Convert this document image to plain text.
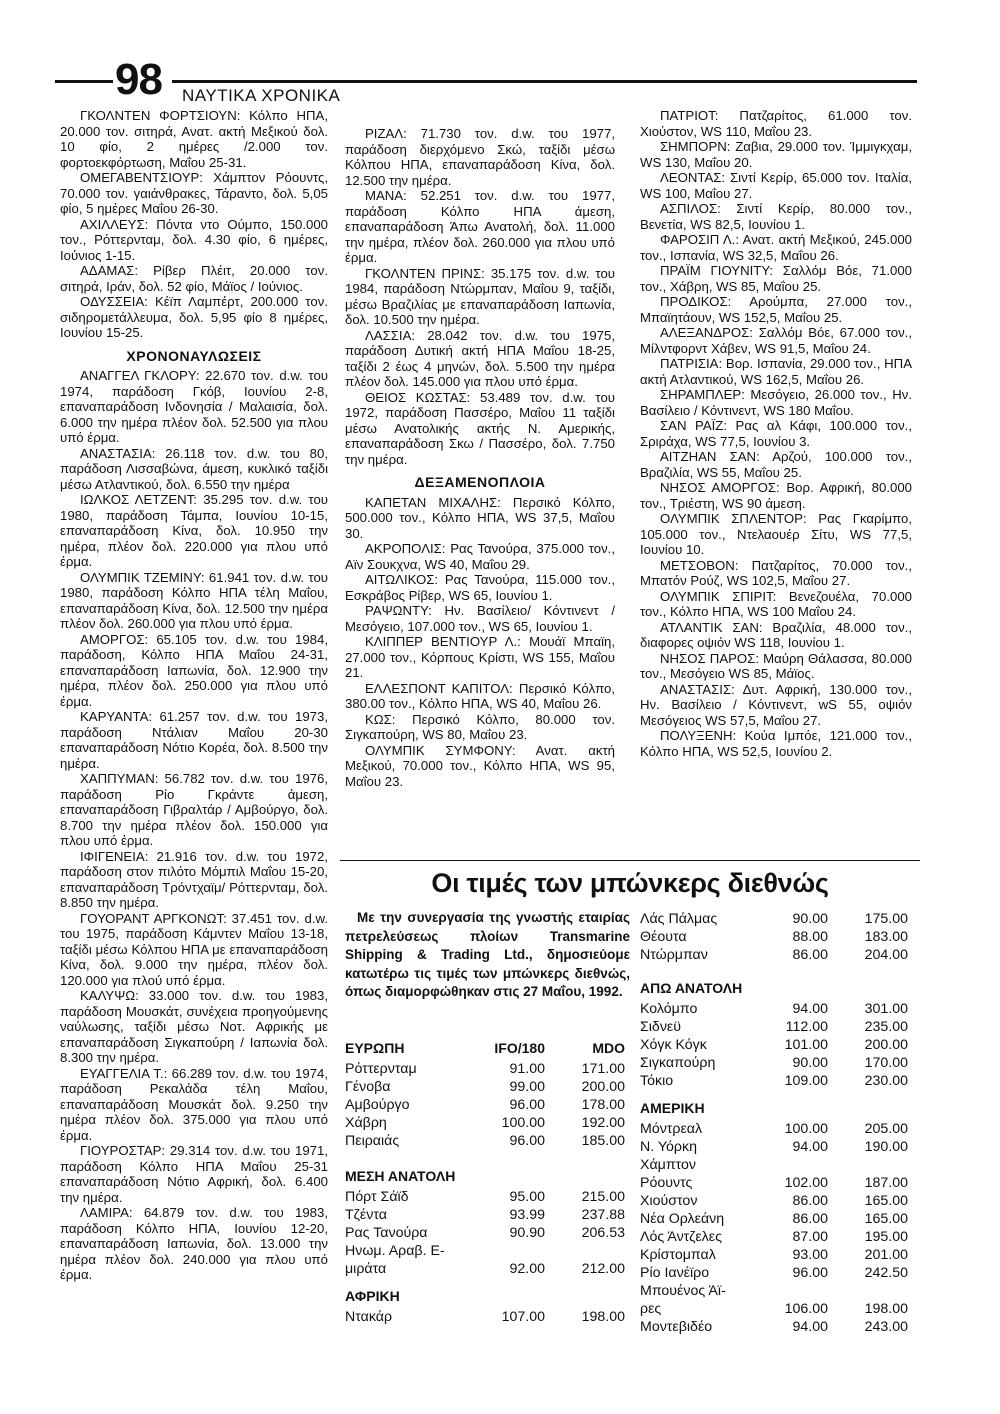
98 ΝΑΥΤΙΚΑ ΧΡΟΝΙΚΑ

ΓΚΟΛΝΤΕΝ ΦΟΡΤΣΙΟΥΝ: Κόλπο ΗΠΑ, 20.000 τον. σιτηρά, Ανατ. ακτή Μεξικού δολ. 10 φίο, 2 ημέρες /2.000 τον. φορτοεκφόρτωση, Μαΐου 25-31.

ΟΜΕΓΑΒΕΝΤΣΙΟΥΡ: Χάμπτον Ρόουντς, 70.000 τον. γαιάνθρακες, Τάραντο, δολ. 5,05 φίο, 5 ημέρες Μαΐου 26-30.

ΑΧΙΛΛΕΥΣ: Πόντα ντο Ούμπο, 150.000 τον., Ρόττερνταμ, δολ. 4.30 φίο, 6 ημέρες, Ιούνιος 1-15.

ΑΔΑΜΑΣ: Ρίβερ Πλέιτ, 20.000 τον. σιτηρά, Ιράν, δολ. 52 φίο, Μάϊος / Ιούνιος.

ΟΔΥΣΣΕΙΑ: Κέϊπ Λαμπέρτ, 200.000 τον. σιδηρομετάλλευμα, δολ. 5,95 φίο 8 ημέρες, Ιουνίου 15-25.

ΧΡΟΝΟΝΑΥΛΩΣΕΙΣ

ΑΝΑΓΓΕΛ ΓΚΛΟΡΥ: 22.670 τον. d.w. του 1974, παράδοση Γκόβ, Ιουνίου 2-8, επαναπαράδοση Ινδονησία / Μαλαισία, δολ. 6.000 την ημέρα πλέον δολ. 52.500 για πλου υπό έρμα.

ΑΝΑΣΤΑΣΙΑ: 26.118 τον. d.w. του 80, παράδοση Λισσαβώνα, άμεση, κυκλικό ταξίδι μέσω Ατλαντικού, δολ. 6.550 την ημέρα

ΙΩΛΚΟΣ ΛΕΤΖΕΝΤ: 35.295 τον. d.w. του 1980, παράδοση Τάμπα, Ιουνίου 10-15, επαναπαράδοση Κίνα, δολ. 10.950 την ημέρα, πλέον δολ. 220.000 για πλου υπό έρμα.

ΟΛΥΜΠΙΚ ΤΖΕΜΙΝΥ: 61.941 τον. d.w. του 1980, παράδοση Κόλπο ΗΠΑ τέλη Μαΐου, επαναπαράδοση Κίνα, δολ. 12.500 την ημέρα πλέον δολ. 260.000 για πλου υπό έρμα.

ΑΜΟΡΓΟΣ: 65.105 τον. d.w. του 1984, παράδοση, Κόλπο ΗΠΑ Μαΐου 24-31, επαναπαράδοση Ιαπωνία, δολ. 12.900 την ημέρα, πλέον δολ. 250.000 για πλου υπό έρμα.

ΚΑΡΥΑΝΤΑ: 61.257 τον. d.w. του 1973, παράδοση Ντάλιαν Μαΐου 20-30 επαναπαράδοση Νότιο Κορέα, δολ. 8.500 την ημέρα.

ΧΑΠΠΥΜΑΝ: 56.782 τον. d.w. του 1976, παράδοση Ρίο Γκράντε άμεση, επαναπαράδοση Γιβραλτάρ / Αμβούργο, δολ. 8.700 την ημέρα πλέον δολ. 150.000 για πλου υπό έρμα.

ΙΦΙΓΕΝΕΙΑ: 21.916 τον. d.w. του 1972, παράδοση στον πιλότο Μόμπιλ Μαΐου 15-20, επαναπαράδοση Τρόντχαϊμ/ Ρόττερνταμ, δολ. 8.850 την ημέρα.

ΓΟΥΟΡΑΝΤ ΑΡΓΚΟΝΩΤ: 37.451 τον. d.w. του 1975, παράδοση Κάμντεν Μαΐου 13-18, ταξίδι μέσω Κόλπου ΗΠΑ με επαναπαράδοση Κίνα, δολ. 9.000 την ημέρα, πλέον δολ. 120.000 για πλού υπό έρμα.

ΚΑΛΥΨΩ: 33.000 τον. d.w. του 1983, παράδοση Μουσκάτ, συνέχεια προηγούμενης ναύλωσης, ταξίδι μέσω Νοτ. Αφρικής με επαναπαράδοση Σιγκαπούρη / Ιαπωνία δολ. 8.300 την ημέρα.

ΕΥΑΓΓΕΛΙΑ Τ.: 66.289 τον. d.w. του 1974, παράδοση Ρεκαλάδα τέλη Μαΐου, επαναπαράδοση Μουσκάτ δολ. 9.250 την ημέρα πλέον δολ. 375.000 για πλου υπό έρμα.

ΓΙΟΥΡΟΣΤΑΡ: 29.314 τον. d.w. του 1971, παράδοση Κόλπο ΗΠΑ Μαΐου 25-31 επαναπαράδοση Νότιο Αφρική, δολ. 6.400 την ημέρα.

ΛΑΜΙΡΑ: 64.879 τον. d.w. του 1983, παράδοση Κόλπο ΗΠΑ, Ιουνίου 12-20, επαναπαράδοση Ιαπωνία, δολ. 13.000 την ημέρα πλέον δολ. 240.000 για πλου υπό έρμα.

ΡΙΖΑΛ: 71.730 τον. d.w. του 1977, παράδοση διερχόμενο Σκώ, ταξίδι μέσω Κόλπου ΗΠΑ, επαναπαράδοση Κίνα, δολ. 12.500 την ημέρα.

ΜΑΝΑ: 52.251 τον. d.w. του 1977, παράδοση Κόλπο ΗΠΑ άμεση, επαναπαράδοση Άπω Ανατολή, δολ. 11.000 την ημέρα, πλέον δολ. 260.000 για πλου υπό έρμα.

ΓΚΟΛΝΤΕΝ ΠΡΙΝΣ: 35.175 τον. d.w. του 1984, παράδοση Ντώρμπαν, Μαΐου 9, ταξίδι, μέσω Βραζιλίας με επαναπαράδοση Ιαπωνία, δολ. 10.500 την ημέρα.

ΛΑΣΣΙΑ: 28.042 τον. d.w. του 1975, παράδοση Δυτική ακτή ΗΠΑ Μαΐου 18-25, ταξίδι 2 έως 4 μηνών, δολ. 5.500 την ημέρα πλέον δολ. 145.000 για πλου υπό έρμα.

ΘΕΙΟΣ ΚΩΣΤΑΣ: 53.489 τον. d.w. του 1972, παράδοση Πασσέρο, Μαΐου 11 ταξίδι μέσω Ανατολικής ακτής Ν. Αμερικής, επαναπαράδοση Σκω / Πασσέρο, δολ. 7.750 την ημέρα.

ΔΕΞΑΜΕΝΟΠΛΟΙΑ

ΚΑΠΕΤΑΝ ΜΙΧΑΛΗΣ: Περσικό Κόλπο, 500.000 τον., Κόλπο ΗΠΑ, WS 37,5, Μαΐου 30.

ΑΚΡΟΠΟΛΙΣ: Ρας Τανούρα, 375.000 τον., Αϊν Σουκχνα, WS 40, Μαΐου 29.

ΑΙΤΩΛΙΚΟΣ: Ρας Τανούρα, 115.000 τον., Εσκράβος Ρίβερ, WS 65, Ιουνίου 1.

ΡΑΨΩΝΤΥ: Ην. Βασίλειο/ Κόντινεντ / Μεσόγειο, 107.000 τον., WS 65, Ιουνίου 1.

ΚΛΙΠΠΕΡ ΒΕΝΤΙΟΥΡ Λ.: Μουάϊ Μπαϊη, 27.000 τον., Κόρπους Κρίστι, WS 155, Μαΐου 21.

ΕΛΛΕΣΠΟΝΤ ΚΑΠΙΤΟΛ: Περσικό Κόλπο, 380.00 τον., Κόλπο ΗΠΑ, WS 40, Μαΐου 26.

ΚΩΣ: Περσικό Κόλπο, 80.000 τον. Σιγκαπούρη, WS 80, Μαΐου 23.

ΟΛΥΜΠΙΚ ΣΥΜΦΟΝΥ: Ανατ. ακτή Μεξικού, 70.000 τον., Κόλπο ΗΠΑ, WS 95, Μαΐου 23.

ΠΑΤΡΙΟΤ: Πατζαρίτος, 61.000 τον. Χιούστον, WS 110, Μαΐου 23.

ΣΗΜΠΟΡΝ: Ζαβια, 29.000 τον. Ίμμιγκχαμ, WS 130, Μαΐου 20.

ΛΕΟΝΤΑΣ: Σιντί Κερίρ, 65.000 τον. Ιταλία, WS 100, Μαΐου 27.

ΑΣΠΙΛΟΣ: Σιντί Κερίρ, 80.000 τον., Βενετία, WS 82,5, Ιουνίου 1.

ΦΑΡΟΣΙΠ Λ.: Ανατ. ακτή Μεξικού, 245.000 τον., Ισπανία, WS 32,5, Μαΐου 26.

ΠΡΑΪΜ ΓΙΟΥΝΙΤΥ: Σαλλόμ Βόε, 71.000 τον., Χάβρη, WS 85, Μαΐου 25.

ΠΡΟΔΙΚΟΣ: Αρούμπα, 27.000 τον., Μπαϊητάουν, WS 152,5, Μαΐου 25.

ΑΛΕΞΑΝΔΡΟΣ: Σαλλόμ Βόε, 67.000 τον., Μίλντφορντ Χάβεν, WS 91,5, Μαΐου 24.

ΠΑΤΡΙΣΙΑ: Βορ. Ισπανία, 29.000 τον., ΗΠΑ ακτή Ατλαντικού, WS 162,5, Μαΐου 26.

ΣΗΡΑΜΠΛΕΡ: Μεσόγειο, 26.000 τον., Ην. Βασίλειο / Κόντινεντ, WS 180 Μαΐου.

ΣΑΝ ΡΑΪΖ: Ρας αλ Κάφι, 100.000 τον., Σριράχα, WS 77,5, Ιουνίου 3.

ΑΙΤΖΗΑΝ ΣΑΝ: Αρζού, 100.000 τον., Βραζιλία, WS 55, Μαΐου 25.

ΝΗΣΟΣ ΑΜΟΡΓΟΣ: Βορ. Αφρική, 80.000 τον., Τριέστη, WS 90 άμεση.

ΟΛΥΜΠΙΚ ΣΠΛΕΝΤΟΡ: Ρας Γκαρίμπο, 105.000 τον., Ντελαουέρ Σίτυ, WS 77,5, Ιουνίου 10.

ΜΕΤΣΟΒΟΝ: Πατζαρίτος, 70.000 τον., Μπατόν Ρούζ, WS 102,5, Μαΐου 27.

ΟΛΥΜΠΙΚ ΣΠΙΡΙΤ: Βενεζουέλα, 70.000 τον., Κόλπο ΗΠΑ, WS 100 Μαΐου 24.

ΑΤΛΑΝΤΙΚ ΣΑΝ: Βραζιλία, 48.000 τον., διαφορες οψιόν WS 118, Ιουνίου 1.

ΝΗΣΟΣ ΠΑΡΟΣ: Μαύρη Θάλασσα, 80.000 τον., Μεσόγειο WS 85, Μάϊος.

ΑΝΑΣΤΑΣΙΣ: Δυτ. Αφρική, 130.000 τον., Ην. Βασίλειο / Κόντινεντ, wS 55, οψιόν Μεσόγειος WS 57,5, Μαΐου 27.

ΠΟΛΥΞΕΝΗ: Κούα Ιμπόε, 121.000 τον., Κόλπο ΗΠΑ, WS 52,5, Ιουνίου 2.

Οι τιμές των μπώνκερς διεθνώς
Με την συνεργασία της γνωστής εταιρίας πετρελεύσεως πλοίων Transmarine Shipping & Trading Ltd., δημοσιεύομε κατωτέρω τις τιμές των μπώνκερς διεθνώς, όπως διαμορφώθηκαν στις 27 Μαΐου, 1992.
ΕΥΡΩΠΗ	IFO/180	MDO
Ρόττερνταμ	91.00	171.00
Γένοβα	99.00	200.00
Αμβούργο	96.00	178.00
Χάβρη	100.00	192.00
Πειραιάς	96.00	185.00
ΜΕΣΗ ΑΝΑΤΟΛΗ
Πόρτ Σάϊδ	95.00	215.00
Τζέντα	93.99	237.88
Ρας Τανούρα	90.90	206.53
Ηνωμ. Αραβ. Ε-
μιράτα	92.00	212.00
ΑΦΡΙΚΗ
Ντακάρ	107.00	198.00
Λάς Πάλμας	90.00	175.00
Θέουτα	88.00	183.00
Ντώρμπαν	86.00	204.00
ΑΠΩ ΑΝΑΤΟΛΗ
Κολόμπο	94.00	301.00
Σιδνεϋ	112.00	235.00
Χόγκ Κόγκ	101.00	200.00
Σιγκαπούρη	90.00	170.00
Τόκιο	109.00	230.00
ΑΜΕΡΙΚΗ
Μόντρεαλ	100.00	205.00
Ν. Υόρκη	94.00	190.00
Χάμπτον
Ρόουντς	102.00	187.00
Χιούστον	86.00	165.00
Νέα Ορλεάνη	86.00	165.00
Λός Άντζελες	87.00	195.00
Κρίστομπαλ	93.00	201.00
Ρίο Ιανέϊρο	96.00	242.50
Μπουένος Άϊ-
ρες	106.00	198.00
Μοντεβιδέο	94.00	243.00
